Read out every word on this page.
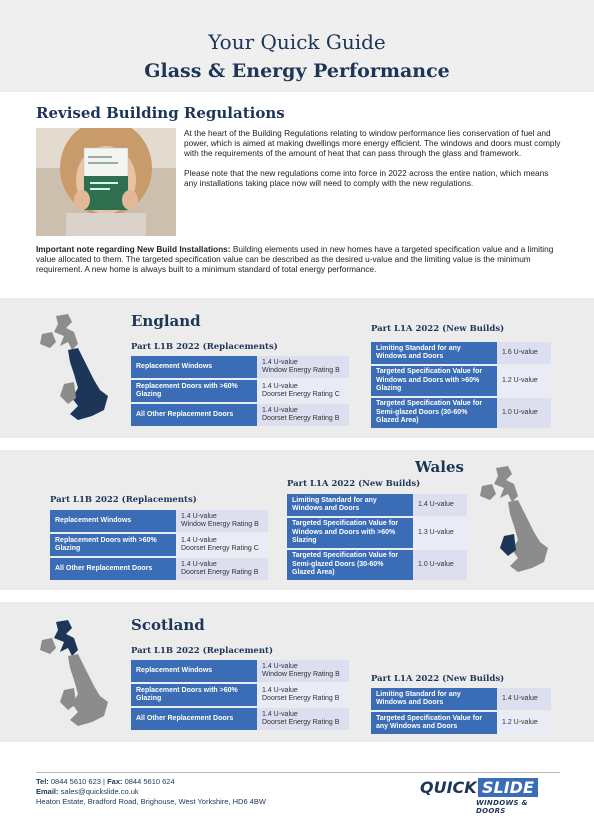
Your Quick Guide
Glass & Energy Performance
Revised Building Regulations

At the heart of the Building Regulations relating to window performance lies conservation of fuel and power, which is aimed at making dwellings more energy efficient. The windows and doors must comply with the requirements of the amount of heat that can pass through the glass and framework.

Please note that the new regulations come into force in 2022 across the entire nation, which means any installations taking place now will need to comply with the new regulations.

Important note regarding New Build Installations: Building elements used in new homes have a targeted specification value and a limiting value allocated to them. The targeted specification value can be described as the desired u-value and the limiting value is the minimum requirement. A new home is always built to a minimum standard of total energy performance.
England
Part L1B 2022 (Replacements)
Replacement Windows	1.4 U-value
Window Energy Rating B
Replacement Doors with >60% Glazing	1.4 U-value
Doorset Energy Rating C
All Other Replacement Doors	1.4 U-value
Doorset Energy Rating B
Part L1A 2022 (New Builds)
Limiting Standard for any Windows and Doors	1.6 U-value
Targeted Specification Value for Windows and Doors with >60% Glazing	1.2 U-value
Targeted Specification Value for Semi-glazed Doors (30-60% Glazed Area)	1.0 U-value
Part L1B 2022 (Replacements)
Replacement Windows	1.4 U-value
Window Energy Rating B
Replacement Doors with >60% Glazing	1.4 U-value
Doorset Energy Rating C
All Other Replacement Doors	1.4 U-value
Doorset Energy Rating B
Wales
Part L1A 2022 (New Builds)
Limiting Standard for any Windows and Doors	1.4 U-value
Targeted Specification Value for Windows and Doors with >60% Slazing	1.3 U-value
Targeted Specification Value for Semi-glazed Doors (30-60% Glazed Area)	1.0 U-value
Scotland
Part L1B 2022 (Replacement)
Replacement Windows	1.4 U-value
Window Energy Rating B
Replacement Doors with >60% Glazing	1.4 U-value
Doorset Energy Rating B
All Other Replacement Doors	1.4 U-value
Doorset Energy Rating B
Part L1A 2022 (New Builds)
Limiting Standard for any Windows and Doors	1.4 U-value
Targeted Specification Value for any Windows and Doors	1.2 U-value
Tel: 0844 5610 623 | Fax: 0844 5610 624
Email: sales@quickslide.co.uk
Heaton Estate, Bradford Road, Brighouse, West Yorkshire, HD6 4BW
QUICK SLIDE
WINDOWS & DOORS
